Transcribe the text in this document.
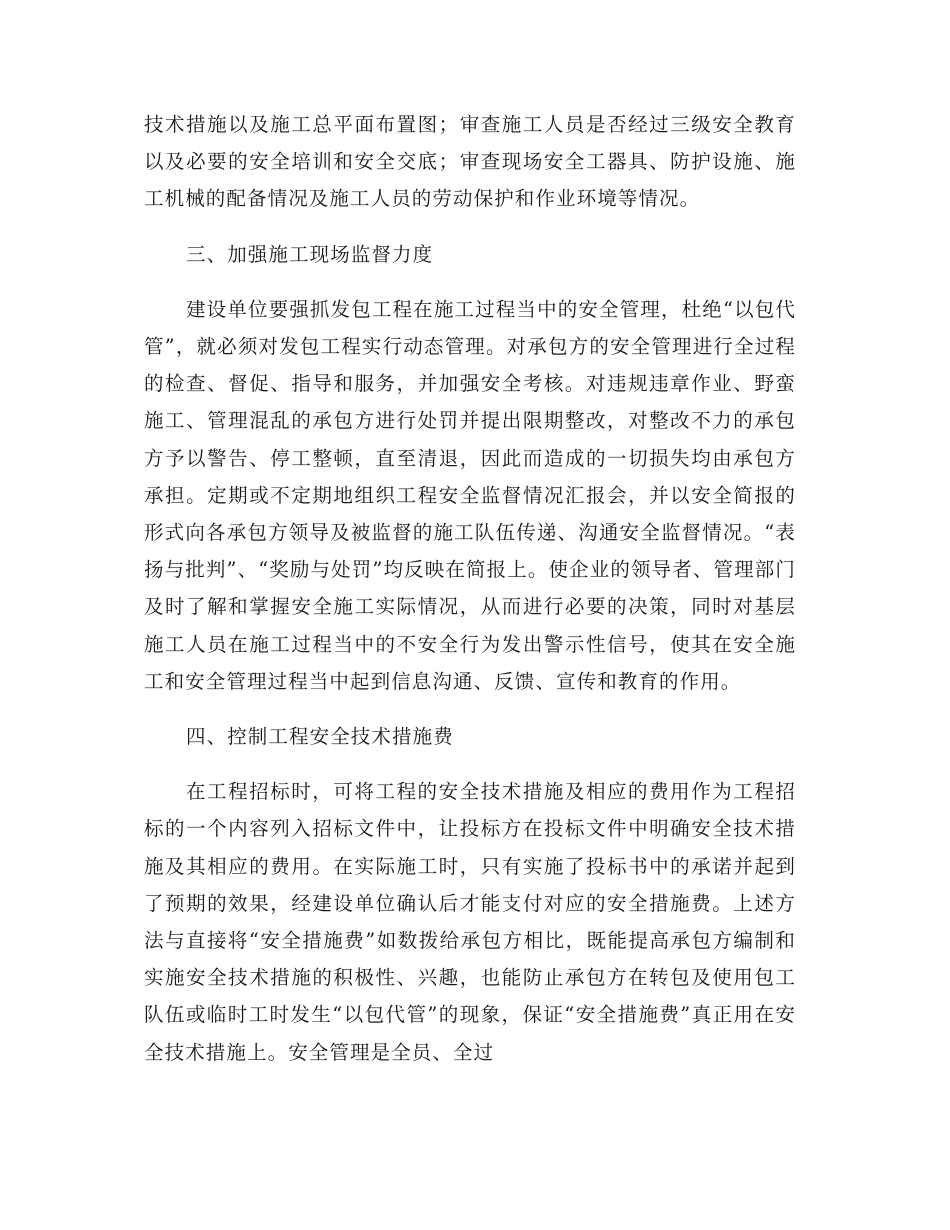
技术措施以及施工总平面布置图；审查施工人员是否经过三级安全教育以及必要的安全培训和安全交底；审查现场安全工器具、防护设施、施工机械的配备情况及施工人员的劳动保护和作业环境等情况。

三、加强施工现场监督力度

建设单位要强抓发包工程在施工过程当中的安全管理，杜绝“以包代管”，就必须对发包工程实行动态管理。对承包方的安全管理进行全过程的检查、督促、指导和服务，并加强安全考核。对违规违章作业、野蛮施工、管理混乱的承包方进行处罚并提出限期整改，对整改不力的承包方予以警告、停工整顿，直至清退，因此而造成的一切损失均由承包方承担。定期或不定期地组织工程安全监督情况汇报会，并以安全简报的形式向各承包方领导及被监督的施工队伍传递、沟通安全监督情况。“表扬与批判”、“奖励与处罚”均反映在简报上。使企业的领导者、管理部门及时了解和掌握安全施工实际情况，从而进行必要的决策，同时对基层施工人员在施工过程当中的不安全行为发出警示性信号，使其在安全施工和安全管理过程当中起到信息沟通、反馈、宣传和教育的作用。

四、控制工程安全技术措施费

在工程招标时，可将工程的安全技术措施及相应的费用作为工程招标的一个内容列入招标文件中，让投标方在投标文件中明确安全技术措施及其相应的费用。在实际施工时，只有实施了投标书中的承诺并起到了预期的效果，经建设单位确认后才能支付对应的安全措施费。上述方法与直接将“安全措施费”如数拨给承包方相比，既能提高承包方编制和实施安全技术措施的积极性、兴趣，也能防止承包方在转包及使用包工队伍或临时工时发生“以包代管”的现象，保证“安全措施费”真正用在安全技术措施上。安全管理是全员、全过
